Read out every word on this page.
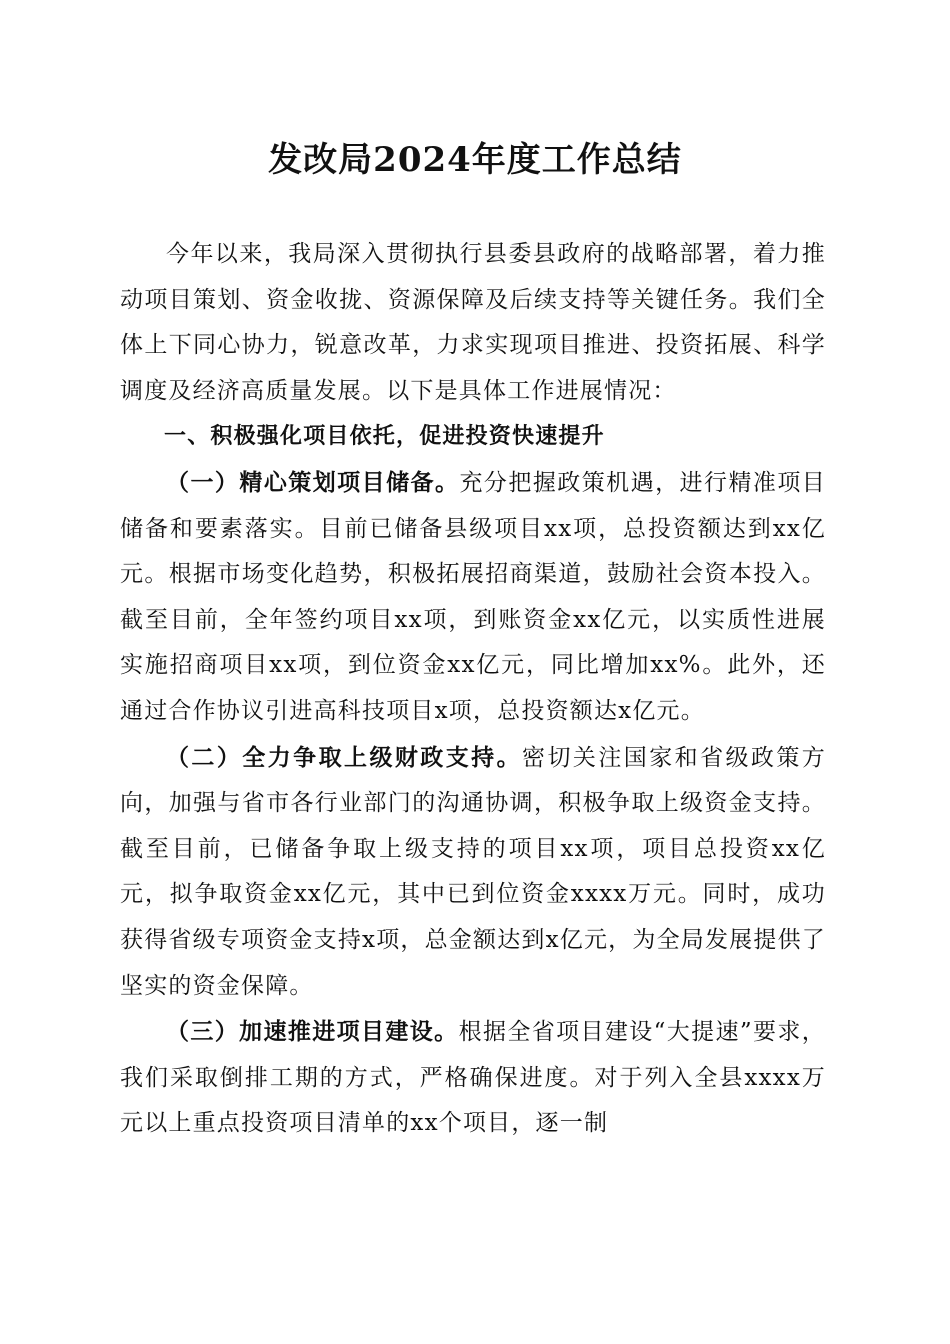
发改局2024年度工作总结

今年以来，我局深入贯彻执行县委县政府的战略部署，着力推动项目策划、资金收拢、资源保障及后续支持等关键任务。我们全体上下同心协力，锐意改革，力求实现项目推进、投资拓展、科学调度及经济高质量发展。以下是具体工作进展情况：

一、积极强化项目依托，促进投资快速提升

（一）精心策划项目储备。充分把握政策机遇，进行精准项目储备和要素落实。目前已储备县级项目xx项，总投资额达到xx亿元。根据市场变化趋势，积极拓展招商渠道，鼓励社会资本投入。截至目前，全年签约项目xx项，到账资金xx亿元，以实质性进展实施招商项目xx项，到位资金xx亿元，同比增加xx%。此外，还通过合作协议引进高科技项目x项，总投资额达x亿元。

（二）全力争取上级财政支持。密切关注国家和省级政策方向，加强与省市各行业部门的沟通协调，积极争取上级资金支持。截至目前，已储备争取上级支持的项目xx项，项目总投资xx亿元，拟争取资金xx亿元，其中已到位资金xxxx万元。同时，成功获得省级专项资金支持x项，总金额达到x亿元，为全局发展提供了坚实的资金保障。

（三）加速推进项目建设。根据全省项目建设“大提速”要求，我们采取倒排工期的方式，严格确保进度。对于列入全县xxxx万元以上重点投资项目清单的xx个项目，逐一制
